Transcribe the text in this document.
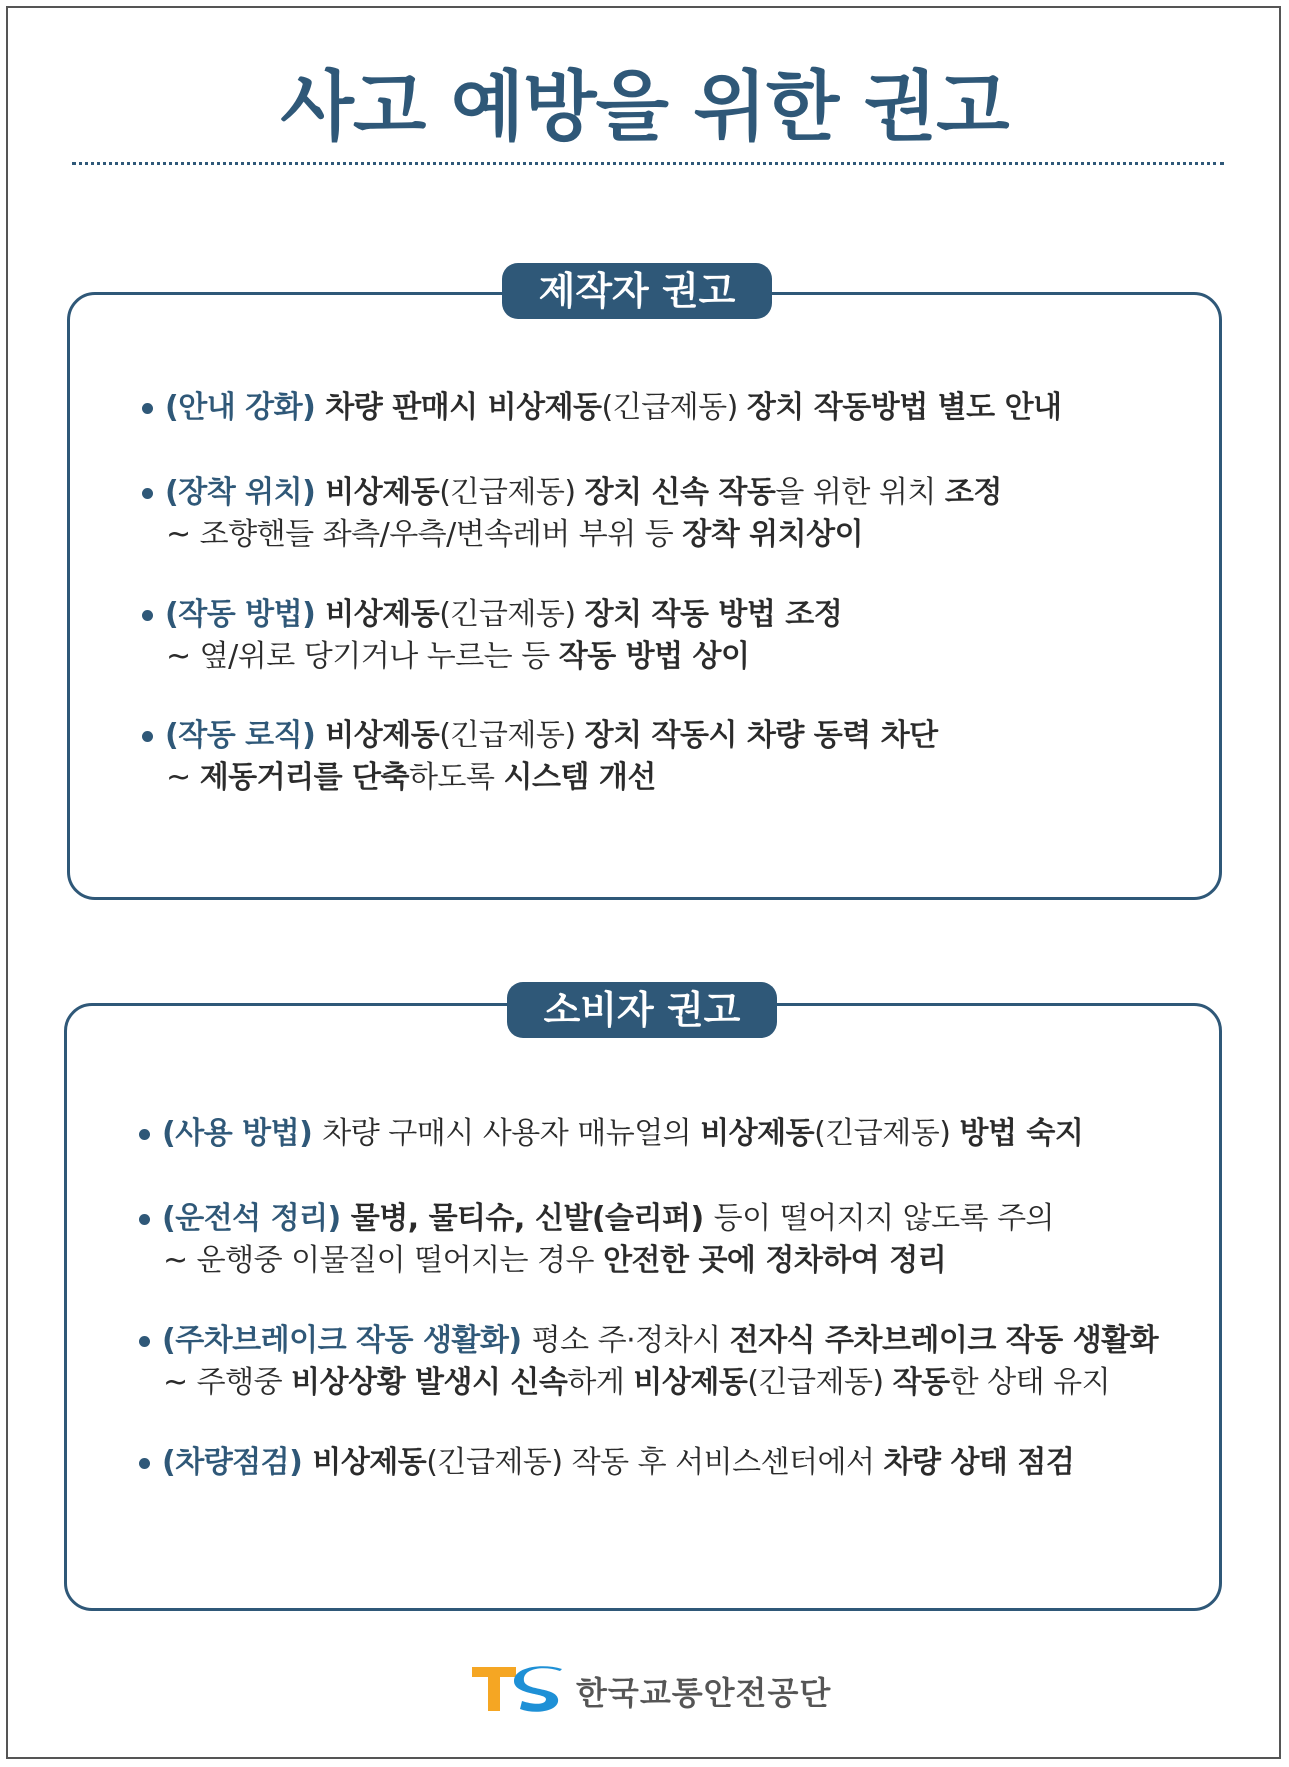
사고 예방을 위한 권고
제작자 권고
(안내 강화) 차량 판매시 비상제동(긴급제동) 장치 작동방법 별도 안내
(장착 위치) 비상제동(긴급제동) 장치 신속 작동을 위한 위치 조정
~ 조향핸들 좌측/우측/변속레버 부위 등 장착 위치상이
(작동 방법) 비상제동(긴급제동) 장치 작동 방법 조정
~ 옆/위로 당기거나 누르는 등 작동 방법 상이
(작동 로직) 비상제동(긴급제동) 장치 작동시 차량 동력 차단
~ 제동거리를 단축하도록 시스템 개선
소비자 권고
(사용 방법) 차량 구매시 사용자 매뉴얼의 비상제동(긴급제동) 방법 숙지
(운전석 정리) 물병, 물티슈, 신발(슬리퍼) 등이 떨어지지 않도록 주의
~ 운행중 이물질이 떨어지는 경우 안전한 곳에 정차하여 정리
(주차브레이크 작동 생활화) 평소 주·정차시 전자식 주차브레이크 작동 생활화
~ 주행중 비상상황 발생시 신속하게 비상제동(긴급제동) 작동한 상태 유지
(차량점검) 비상제동(긴급제동) 작동 후 서비스센터에서 차량 상태 점검
한국교통안전공단
